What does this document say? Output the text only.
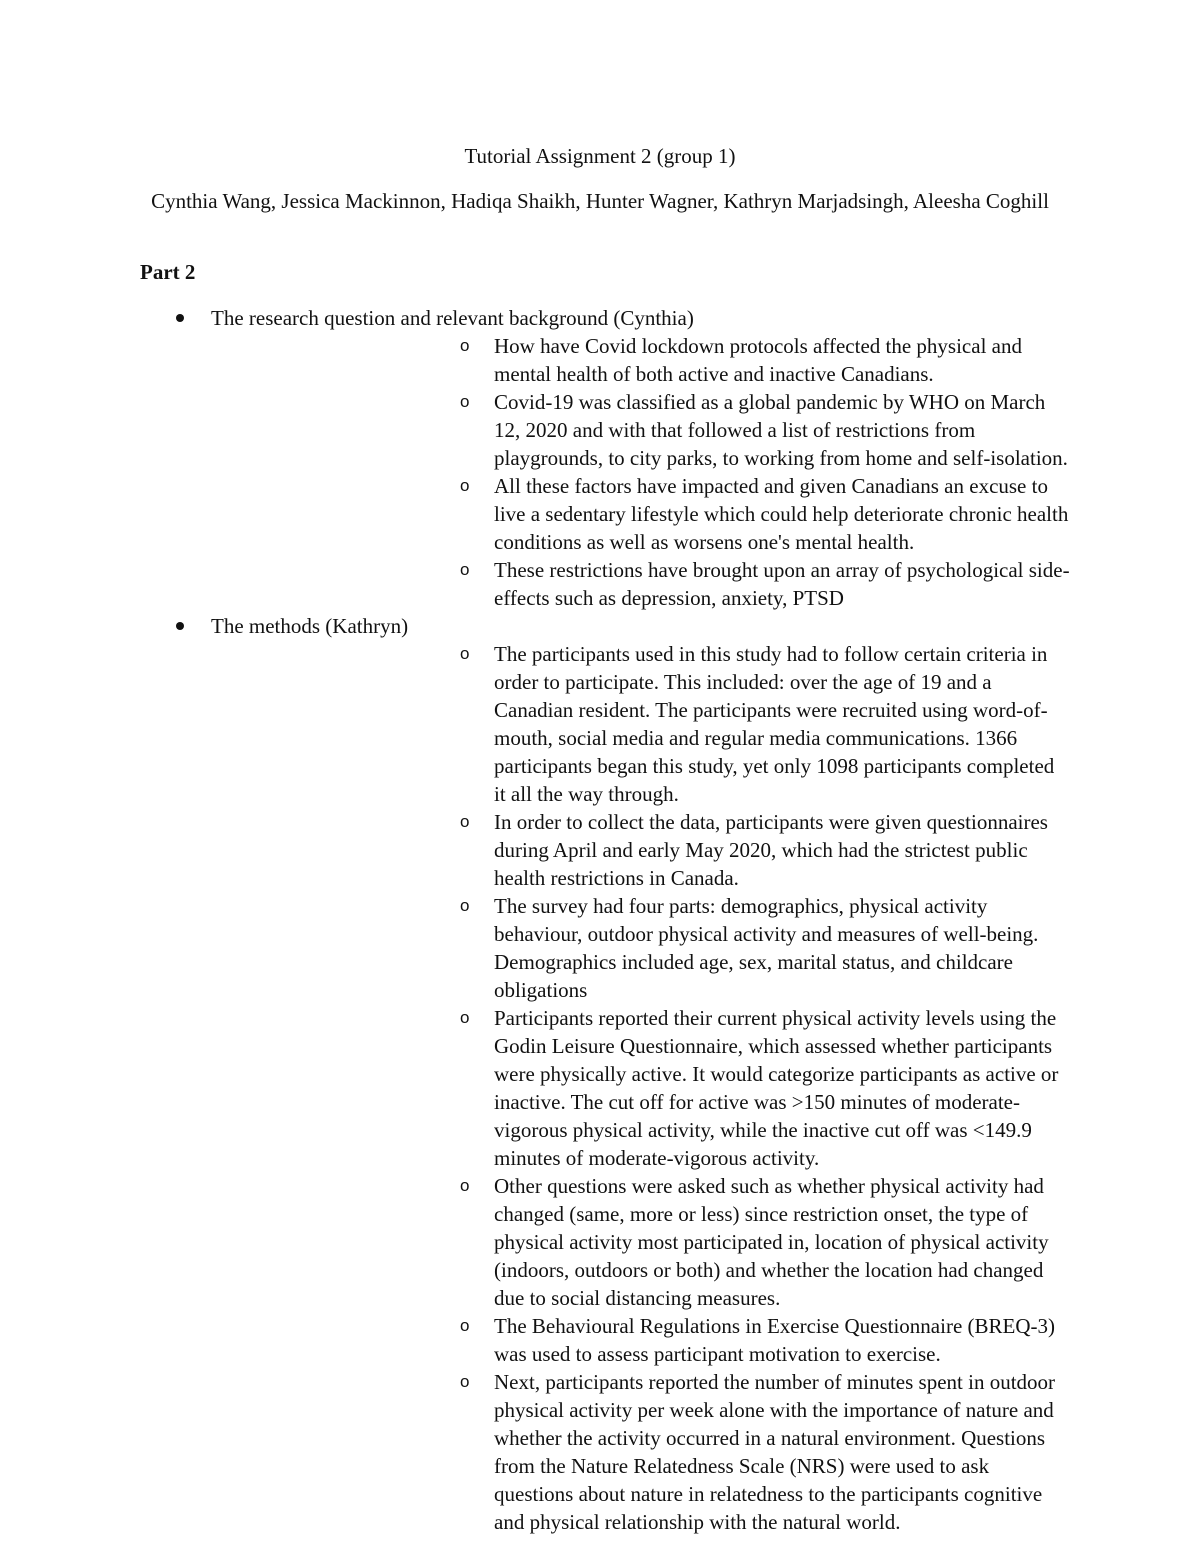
Tutorial Assignment 2 (group 1)
Cynthia Wang, Jessica Mackinnon, Hadiqa Shaikh, Hunter Wagner, Kathryn Marjadsingh, Aleesha Coghill
Part 2
The research question and relevant background (Cynthia)
o How have Covid lockdown protocols affected the physical and mental health of both active and inactive Canadians.
o Covid-19 was classified as a global pandemic by WHO on March 12, 2020 and with that followed a list of restrictions from playgrounds, to city parks, to working from home and self-isolation.
o All these factors have impacted and given Canadians an excuse to live a sedentary lifestyle which could help deteriorate chronic health conditions as well as worsens one's mental health.
o These restrictions have brought upon an array of psychological side-effects such as depression, anxiety, PTSD
The methods (Kathryn)
o The participants used in this study had to follow certain criteria in order to participate. This included: over the age of 19 and a Canadian resident. The participants were recruited using word-of-mouth, social media and regular media communications. 1366 participants began this study, yet only 1098 participants completed it all the way through.
o In order to collect the data, participants were given questionnaires during April and early May 2020, which had the strictest public health restrictions in Canada.
o The survey had four parts: demographics, physical activity behaviour, outdoor physical activity and measures of well-being. Demographics included age, sex, marital status, and childcare obligations
o Participants reported their current physical activity levels using the Godin Leisure Questionnaire, which assessed whether participants were physically active. It would categorize participants as active or inactive. The cut off for active was >150 minutes of moderate-vigorous physical activity, while the inactive cut off was <149.9 minutes of moderate-vigorous activity.
o Other questions were asked such as whether physical activity had changed (same, more or less) since restriction onset, the type of physical activity most participated in, location of physical activity (indoors, outdoors or both) and whether the location had changed due to social distancing measures.
o The Behavioural Regulations in Exercise Questionnaire (BREQ-3) was used to assess participant motivation to exercise.
o Next, participants reported the number of minutes spent in outdoor physical activity per week alone with the importance of nature and whether the activity occurred in a natural environment. Questions from the Nature Relatedness Scale (NRS) were used to ask questions about nature in relatedness to the participants cognitive and physical relationship with the natural world.
